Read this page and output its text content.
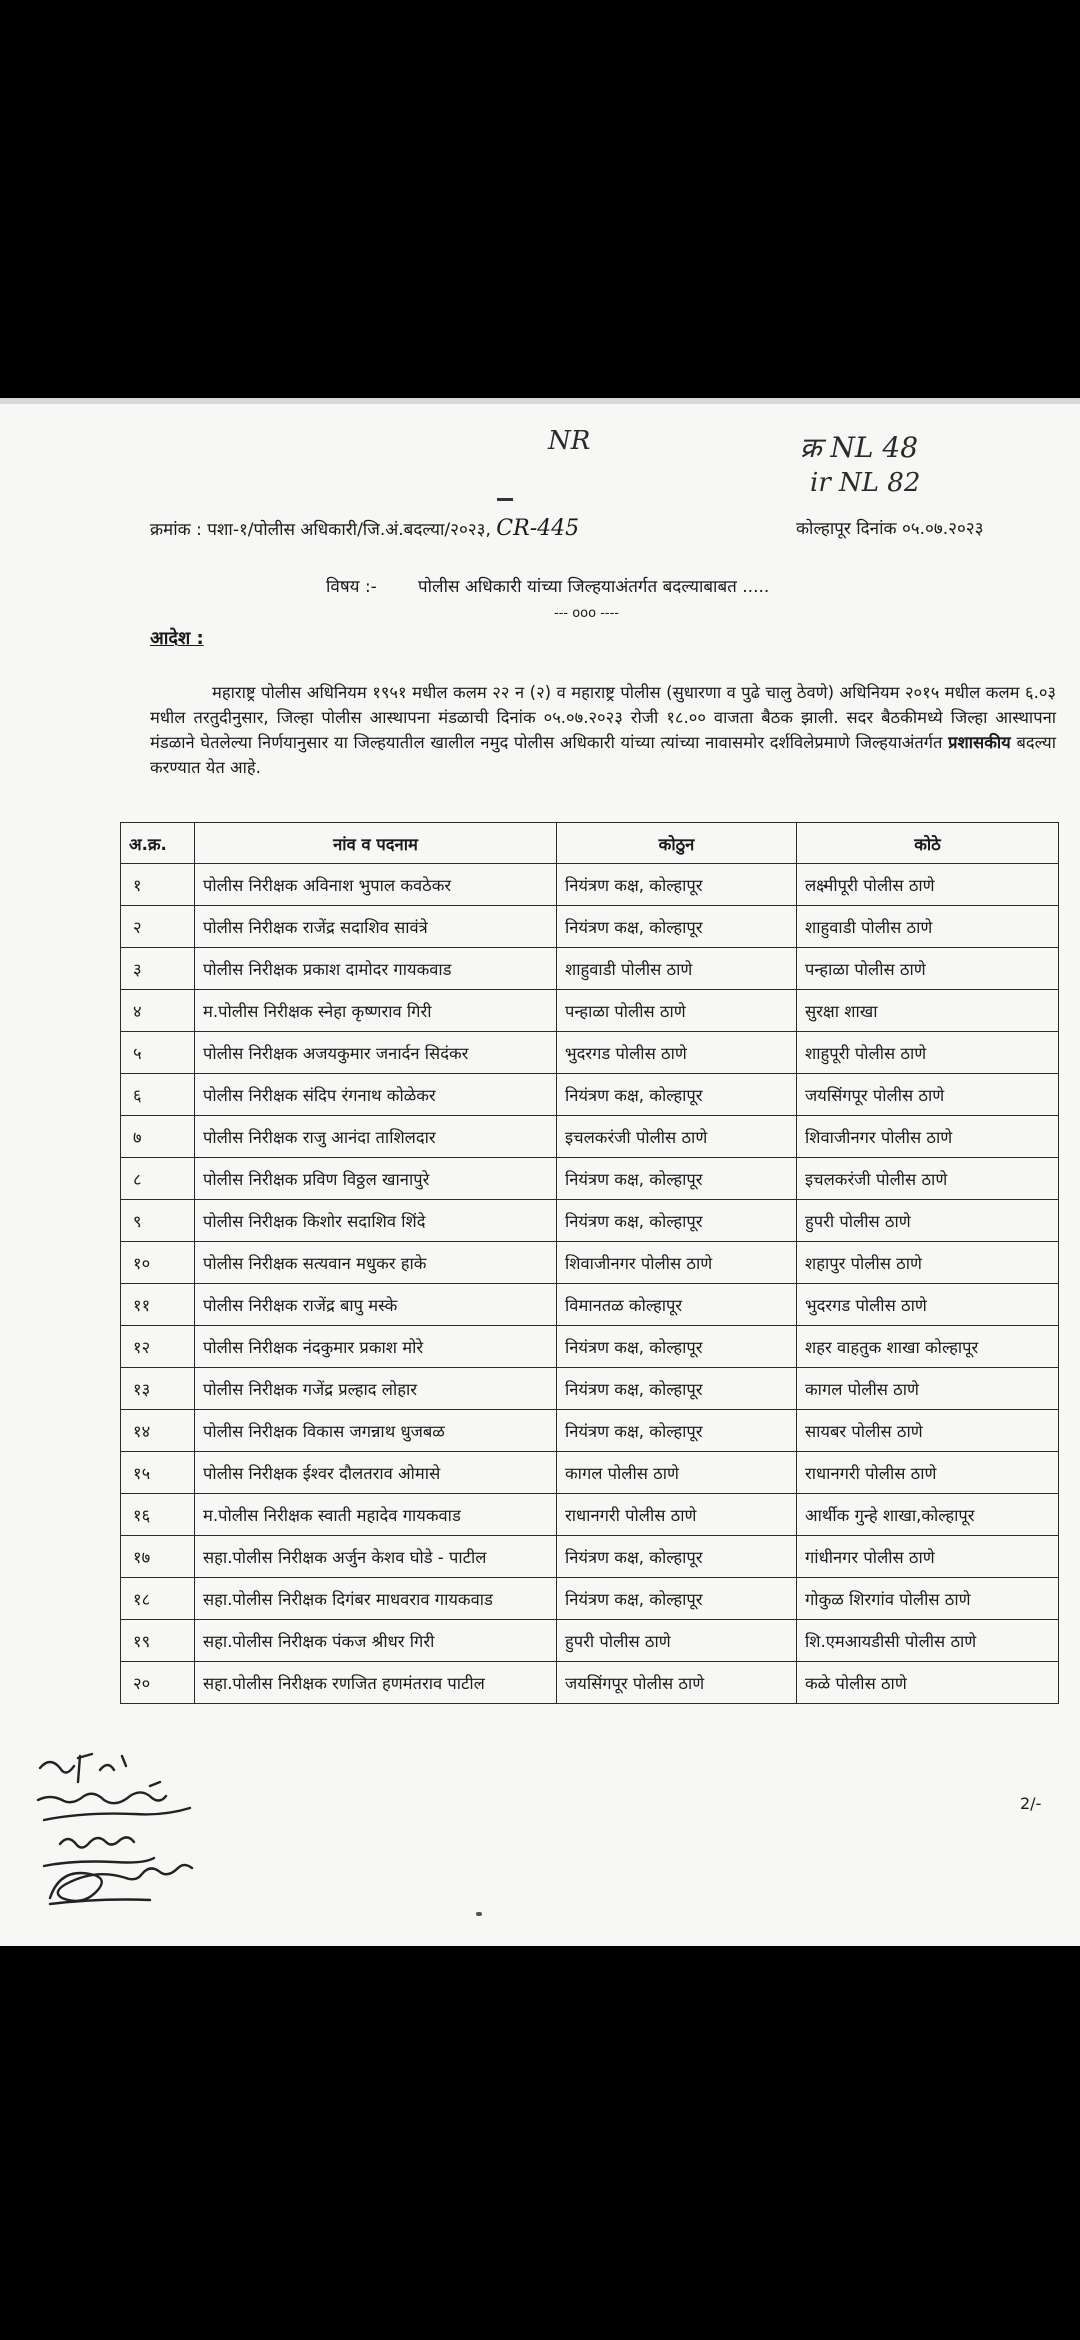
NR	क्र NL 48
ir NL 82
क्रमांक : पशा-१/पोलीस अधिकारी/जि.अं.बदल्या/२०२३, CR-445	कोल्हापूर दिनांक ०५.०७.२०२३
विषय :- पोलीस अधिकारी यांच्या जिल्हयाअंतर्गत बदल्याबाबत .....
--- ooo ----
आदेश :
महाराष्ट्र पोलीस अधिनियम १९५१ मधील कलम २२ न (२) व महाराष्ट्र पोलीस (सुधारणा व पुढे चालु ठेवणे) अधिनियम २०१५ मधील कलम ६.०३ मधील तरतुदीनुसार, जिल्हा पोलीस आस्थापना मंडळाची दिनांक ०५.०७.२०२३ रोजी १८.०० वाजता बैठक झाली. सदर बैठकीमध्ये जिल्हा आस्थापना मंडळाने घेतलेल्या निर्णयानुसार या जिल्हयातील खालील नमुद पोलीस अधिकारी यांच्या त्यांच्या नावासमोर दर्शविलेप्रमाणे जिल्हयाअंतर्गत प्रशासकीय बदल्या करण्यात येत आहे.
अ.क्र.	नांव व पदनाम	कोठुन	कोठे
१	पोलीस निरीक्षक अविनाश भुपाल कवठेकर	नियंत्रण कक्ष, कोल्हापूर	लक्ष्मीपूरी पोलीस ठाणे
२	पोलीस निरीक्षक राजेंद्र सदाशिव सावंत्रे	नियंत्रण कक्ष, कोल्हापूर	शाहुवाडी पोलीस ठाणे
३	पोलीस निरीक्षक प्रकाश दामोदर गायकवाड	शाहुवाडी पोलीस ठाणे	पन्हाळा पोलीस ठाणे
४	म.पोलीस निरीक्षक स्नेहा कृष्णराव गिरी	पन्हाळा पोलीस ठाणे	सुरक्षा शाखा
५	पोलीस निरीक्षक अजयकुमार जनार्दन सिदंकर	भुदरगड पोलीस ठाणे	शाहुपूरी पोलीस ठाणे
६	पोलीस निरीक्षक संदिप रंगनाथ कोळेकर	नियंत्रण कक्ष, कोल्हापूर	जयसिंगपूर पोलीस ठाणे
७	पोलीस निरीक्षक राजु आनंदा ताशिलदार	इचलकरंजी पोलीस ठाणे	शिवाजीनगर पोलीस ठाणे
८	पोलीस निरीक्षक प्रविण विठ्ठल खानापुरे	नियंत्रण कक्ष, कोल्हापूर	इचलकरंजी पोलीस ठाणे
९	पोलीस निरीक्षक किशोर सदाशिव शिंदे	नियंत्रण कक्ष, कोल्हापूर	हुपरी पोलीस ठाणे
१०	पोलीस निरीक्षक सत्यवान मधुकर हाके	शिवाजीनगर पोलीस ठाणे	शहापुर पोलीस ठाणे
११	पोलीस निरीक्षक राजेंद्र बापु मस्के	विमानतळ कोल्हापूर	भुदरगड पोलीस ठाणे
१२	पोलीस निरीक्षक नंदकुमार प्रकाश मोरे	नियंत्रण कक्ष, कोल्हापूर	शहर वाहतुक शाखा कोल्हापूर
१३	पोलीस निरीक्षक गजेंद्र प्रल्हाद लोहार	नियंत्रण कक्ष, कोल्हापूर	कागल पोलीस ठाणे
१४	पोलीस निरीक्षक विकास जगन्नाथ धुजबळ	नियंत्रण कक्ष, कोल्हापूर	सायबर पोलीस ठाणे
१५	पोलीस निरीक्षक ईश्वर दौलतराव ओमासे	कागल पोलीस ठाणे	राधानगरी पोलीस ठाणे
१६	म.पोलीस निरीक्षक स्वाती महादेव गायकवाड	राधानगरी पोलीस ठाणे	आर्थीक गुन्हे शाखा,कोल्हापूर
१७	सहा.पोलीस निरीक्षक अर्जुन केशव घोडे - पाटील	नियंत्रण कक्ष, कोल्हापूर	गांधीनगर पोलीस ठाणे
१८	सहा.पोलीस निरीक्षक दिगंबर माधवराव गायकवाड	नियंत्रण कक्ष, कोल्हापूर	गोकुळ शिरगांव पोलीस ठाणे
१९	सहा.पोलीस निरीक्षक पंकज श्रीधर गिरी	हुपरी पोलीस ठाणे	शि.एमआयडीसी पोलीस ठाणे
२०	सहा.पोलीस निरीक्षक रणजित हणमंतराव पाटील	जयसिंगपूर पोलीस ठाणे	कळे पोलीस ठाणे
2/-
